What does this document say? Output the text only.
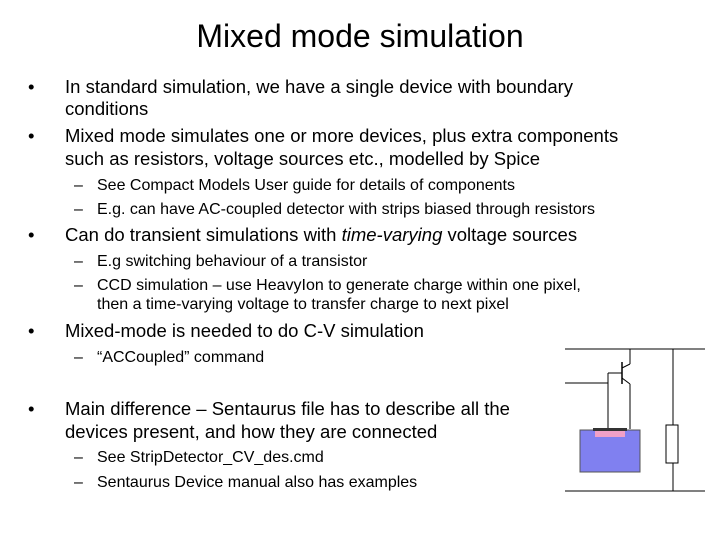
Mixed mode simulation
• In standard simulation, we have a single device with boundary
conditions
• Mixed mode simulates one or more devices, plus extra components
such as resistors, voltage sources etc., modelled by Spice
– See Compact Models User guide for details of components
– E.g. can have AC-coupled detector with strips biased through resistors
• Can do transient simulations with time-varying voltage sources
– E.g switching behaviour of a transistor
– CCD simulation – use HeavyIon to generate charge within one pixel,
then a time-varying voltage to transfer charge to next pixel
• Mixed-mode is needed to do C-V simulation
– “ACCoupled” command
• Main difference – Sentaurus file has to describe all the
devices present, and how they are connected
– See StripDetector_CV_des.cmd
– Sentaurus Device manual also has examples
